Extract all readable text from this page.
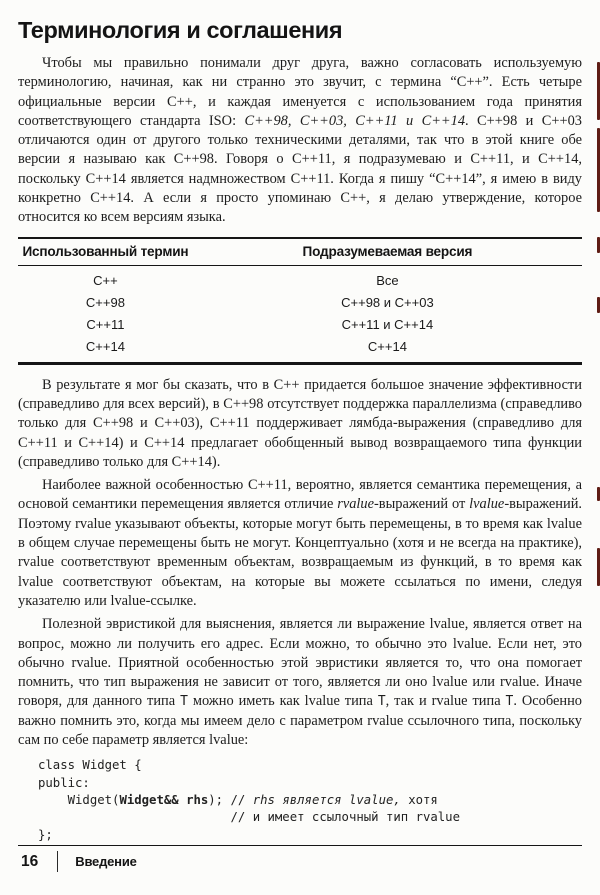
Терминология и соглашения

Чтобы мы правильно понимали друг друга, важно согласовать используемую терминологию, начиная, как ни странно это звучит, с термина “C++”. Есть четыре официальные версии C++, и каждая именуется с использованием года принятия соответствующего стандарта ISO: C++98, C++03, C++11 и C++14. C++98 и C++03 отличаются один от другого только техническими деталями, так что в этой книге обе версии я называю как C++98. Говоря о C++11, я подразумеваю и C++11, и C++14, поскольку C++14 является надмножеством C++11. Когда я пишу “C++14”, я имею в виду конкретно C++14. А если я просто упоминаю C++, я делаю утверждение, которое относится ко всем версиям языка.

Использованный термин	Подразумеваемая версия
C++	Все
C++98	C++98 и C++03
C++11	C++11 и C++14
C++14	C++14

В результате я мог бы сказать, что в C++ придается большое значение эффективности (справедливо для всех версий), в C++98 отсутствует поддержка параллелизма (справедливо только для C++98 и C++03), C++11 поддерживает лямбда-выражения (справедливо для C++11 и C++14) и C++14 предлагает обобщенный вывод возвращаемого типа функции (справедливо только для C++14).

Наиболее важной особенностью C++11, вероятно, является семантика перемещения, а основой семантики перемещения является отличие rvalue-выражений от lvalue-выражений. Поэтому rvalue указывают объекты, которые могут быть перемещены, в то время как lvalue в общем случае перемещены быть не могут. Концептуально (хотя и не всегда на практике), rvalue соответствуют временным объектам, возвращаемым из функций, в то время как lvalue соответствуют объектам, на которые вы можете ссылаться по имени, следуя указателю или lvalue-ссылке.

Полезной эвристикой для выяснения, является ли выражение lvalue, является ответ на вопрос, можно ли получить его адрес. Если можно, то обычно это lvalue. Если нет, это обычно rvalue. Приятной особенностью этой эвристики является то, что она помогает помнить, что тип выражения не зависит от того, является ли оно lvalue или rvalue. Иначе говоря, для данного типа T можно иметь как lvalue типа T, так и rvalue типа T. Особенно важно помнить это, когда мы имеем дело с параметром rvalue ссылочного типа, поскольку сам по себе параметр является lvalue:

class Widget {
public:
Widget(Widget&& rhs); // rhs является lvalue, хотя
// и имеет ссылочный тип rvalue
};
16	Введение
